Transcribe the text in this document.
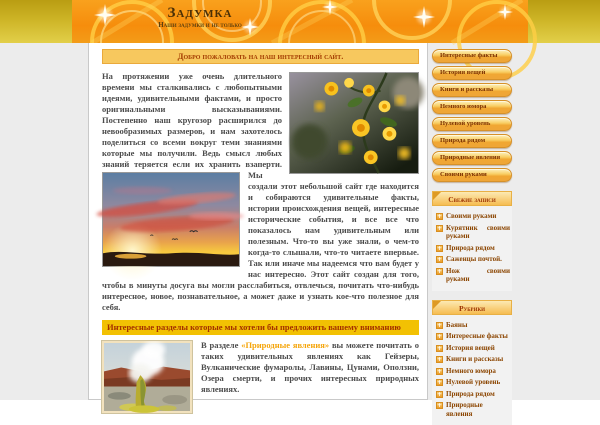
Задумка
Наши задумки и не только
Добро пожаловать на наш интересный сайт.
На протяжении уже очень длительного времени мы сталкивались с любопытными идеями, удивительными фактами, и просто оригинальными высказываниями. Постепенно наш кругозор расширился до невообразимых размеров, и нам захотелось поделиться со всеми вокруг теми знаниями которые мы получили. Ведь смысл любых знаний теряется если их хранить взаперти.
Мы создали этот небольшой сайт где находится и собираются удивительные факты, истории происхождения вещей, интересные исторические события, и все все что показалось нам удивительным или полезным. Что-то вы уже знали, о чем-то когда-то слышали, что-то читаете впервые. Так или иначе мы надеемся что вам будет у нас интересно. Этот сайт создан для того, чтобы в минуты досуга вы могли расслабиться, отвлечься, почитать что-нибудь интересное, новое, познавательное, а может даже и узнать кое-что полезное для себя.
Интересные разделы которые мы хотели бы предложить вашему вниманию
В разделе «Природные явления» вы можете почитать о таких удивительных явлениях как Гейзеры, Вулканические фумаролы, Лавины, Цунами, Оползни, Озера смерти, и прочих интересных природных явлениях.
Интересные факты
История вещей
Книги и рассказы
Немного юмора
Нулевой уровень
Природа рядом
Природные явления
Своими руками
Свежие записи
+ Своими руками
+ Курятник своими руками
+ Природа рядом
+ Саженцы почтой.
+ Нож своими руками
Рубрики
+ Баяны
+ Интересные факты
+ История вещей
+ Книги и рассказы
+ Немного юмора
+ Нулевой уровень
+ Природа рядом
+ Природные явления
